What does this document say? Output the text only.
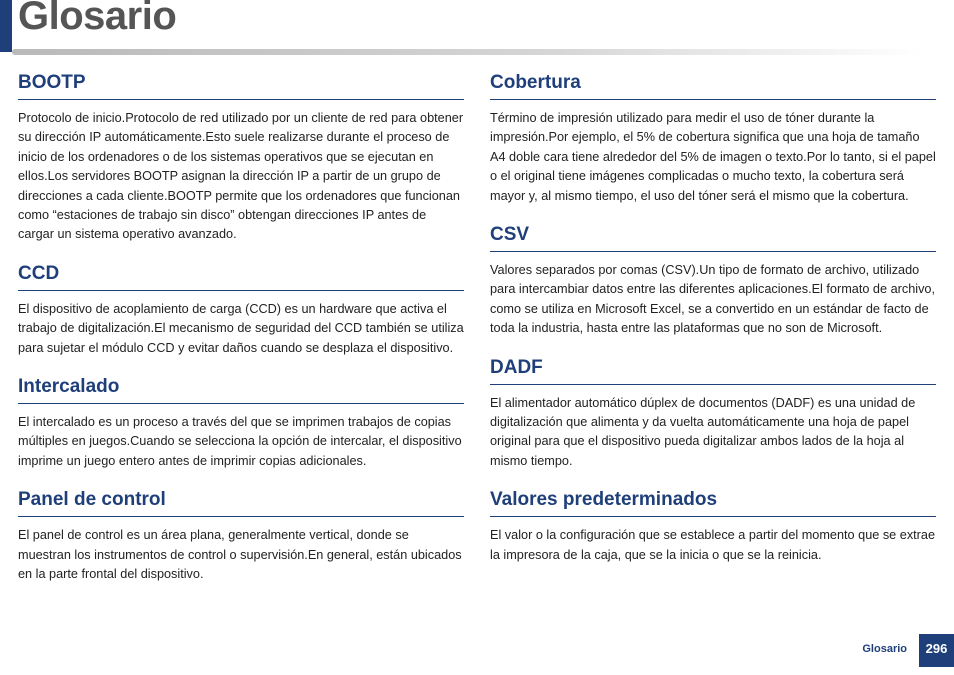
Glosario
BOOTP

Protocolo de inicio.Protocolo de red utilizado por un cliente de red para obtener su dirección IP automáticamente.Esto suele realizarse durante el proceso de inicio de los ordenadores o de los sistemas operativos que se ejecutan en ellos.Los servidores BOOTP asignan la dirección IP a partir de un grupo de direcciones a cada cliente.BOOTP permite que los ordenadores que funcionan como “estaciones de trabajo sin disco” obtengan direcciones IP antes de cargar un sistema operativo avanzado.

CCD

El dispositivo de acoplamiento de carga (CCD) es un hardware que activa el trabajo de digitalización.El mecanismo de seguridad del CCD también se utiliza para sujetar el módulo CCD y evitar daños cuando se desplaza el dispositivo.

Intercalado

El intercalado es un proceso a través del que se imprimen trabajos de copias múltiples en juegos.Cuando se selecciona la opción de intercalar, el dispositivo imprime un juego entero antes de imprimir copias adicionales.

Panel de control

El panel de control es un área plana, generalmente vertical, donde se muestran los instrumentos de control o supervisión.En general, están ubicados en la parte frontal del dispositivo.

Cobertura

Término de impresión utilizado para medir el uso de tóner durante la impresión.Por ejemplo, el 5% de cobertura significa que una hoja de tamaño A4 doble cara tiene alrededor del 5% de imagen o texto.Por lo tanto, si el papel o el original tiene imágenes complicadas o mucho texto, la cobertura será mayor y, al mismo tiempo, el uso del tóner será el mismo que la cobertura.

CSV

Valores separados por comas (CSV).Un tipo de formato de archivo, utilizado para intercambiar datos entre las diferentes aplicaciones.El formato de archivo, como se utiliza en Microsoft Excel, se a convertido en un estándar de facto de toda la industria, hasta entre las plataformas que no son de Microsoft.

DADF

El alimentador automático dúplex de documentos (DADF) es una unidad de digitalización que alimenta y da vuelta automáticamente una hoja de papel original para que el dispositivo pueda digitalizar ambos lados de la hoja al mismo tiempo.

Valores predeterminados

El valor o la configuración que se establece a partir del momento que se extrae la impresora de la caja, que se la inicia o que se la reinicia.

Glosario	296
